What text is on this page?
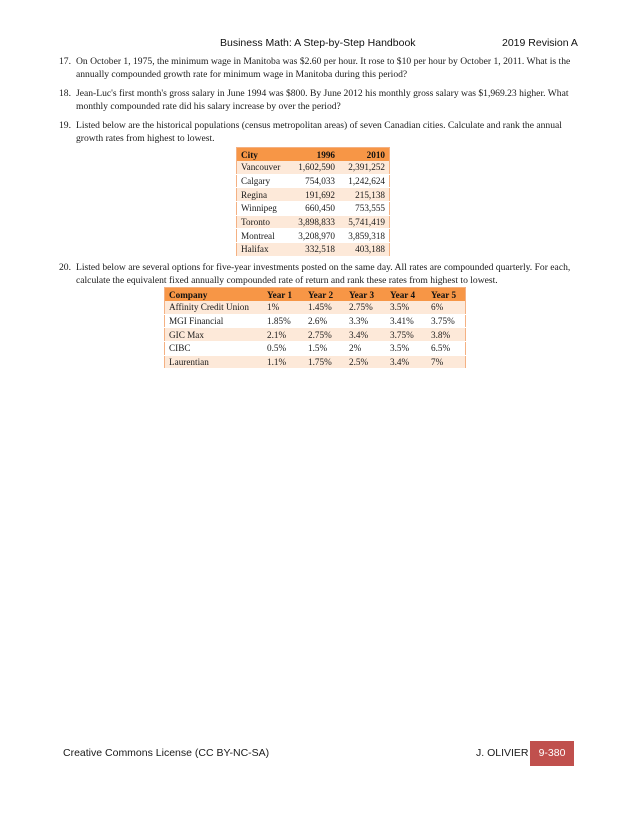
Business Math: A Step-by-Step Handbook	2019 Revision A
17. On October 1, 1975, the minimum wage in Manitoba was $2.60 per hour. It rose to $10 per hour by October 1, 2011. What is the annually compounded growth rate for minimum wage in Manitoba during this period?
18. Jean-Luc's first month's gross salary in June 1994 was $800. By June 2012 his monthly gross salary was $1,969.23 higher. What monthly compounded rate did his salary increase by over the period?
19. Listed below are the historical populations (census metropolitan areas) of seven Canadian cities. Calculate and rank the annual growth rates from highest to lowest.
City	1996	2010
Vancouver	1,602,590	2,391,252
Calgary	754,033	1,242,624
Regina	191,692	215,138
Winnipeg	660,450	753,555
Toronto	3,898,833	5,741,419
Montreal	3,208,970	3,859,318
Halifax	332,518	403,188
20. Listed below are several options for five-year investments posted on the same day. All rates are compounded quarterly. For each, calculate the equivalent fixed annually compounded rate of return and rank these rates from highest to lowest.
Company	Year 1	Year 2	Year 3	Year 4	Year 5
Affinity Credit Union	1%	1.45%	2.75%	3.5%	6%
MGI Financial	1.85%	2.6%	3.3%	3.41%	3.75%
GIC Max	2.1%	2.75%	3.4%	3.75%	3.8%
CIBC	0.5%	1.5%	2%	3.5%	6.5%
Laurentian	1.1%	1.75%	2.5%	3.4%	7%
Creative Commons License (CC BY-NC-SA)	J. OLIVIER 9-380
